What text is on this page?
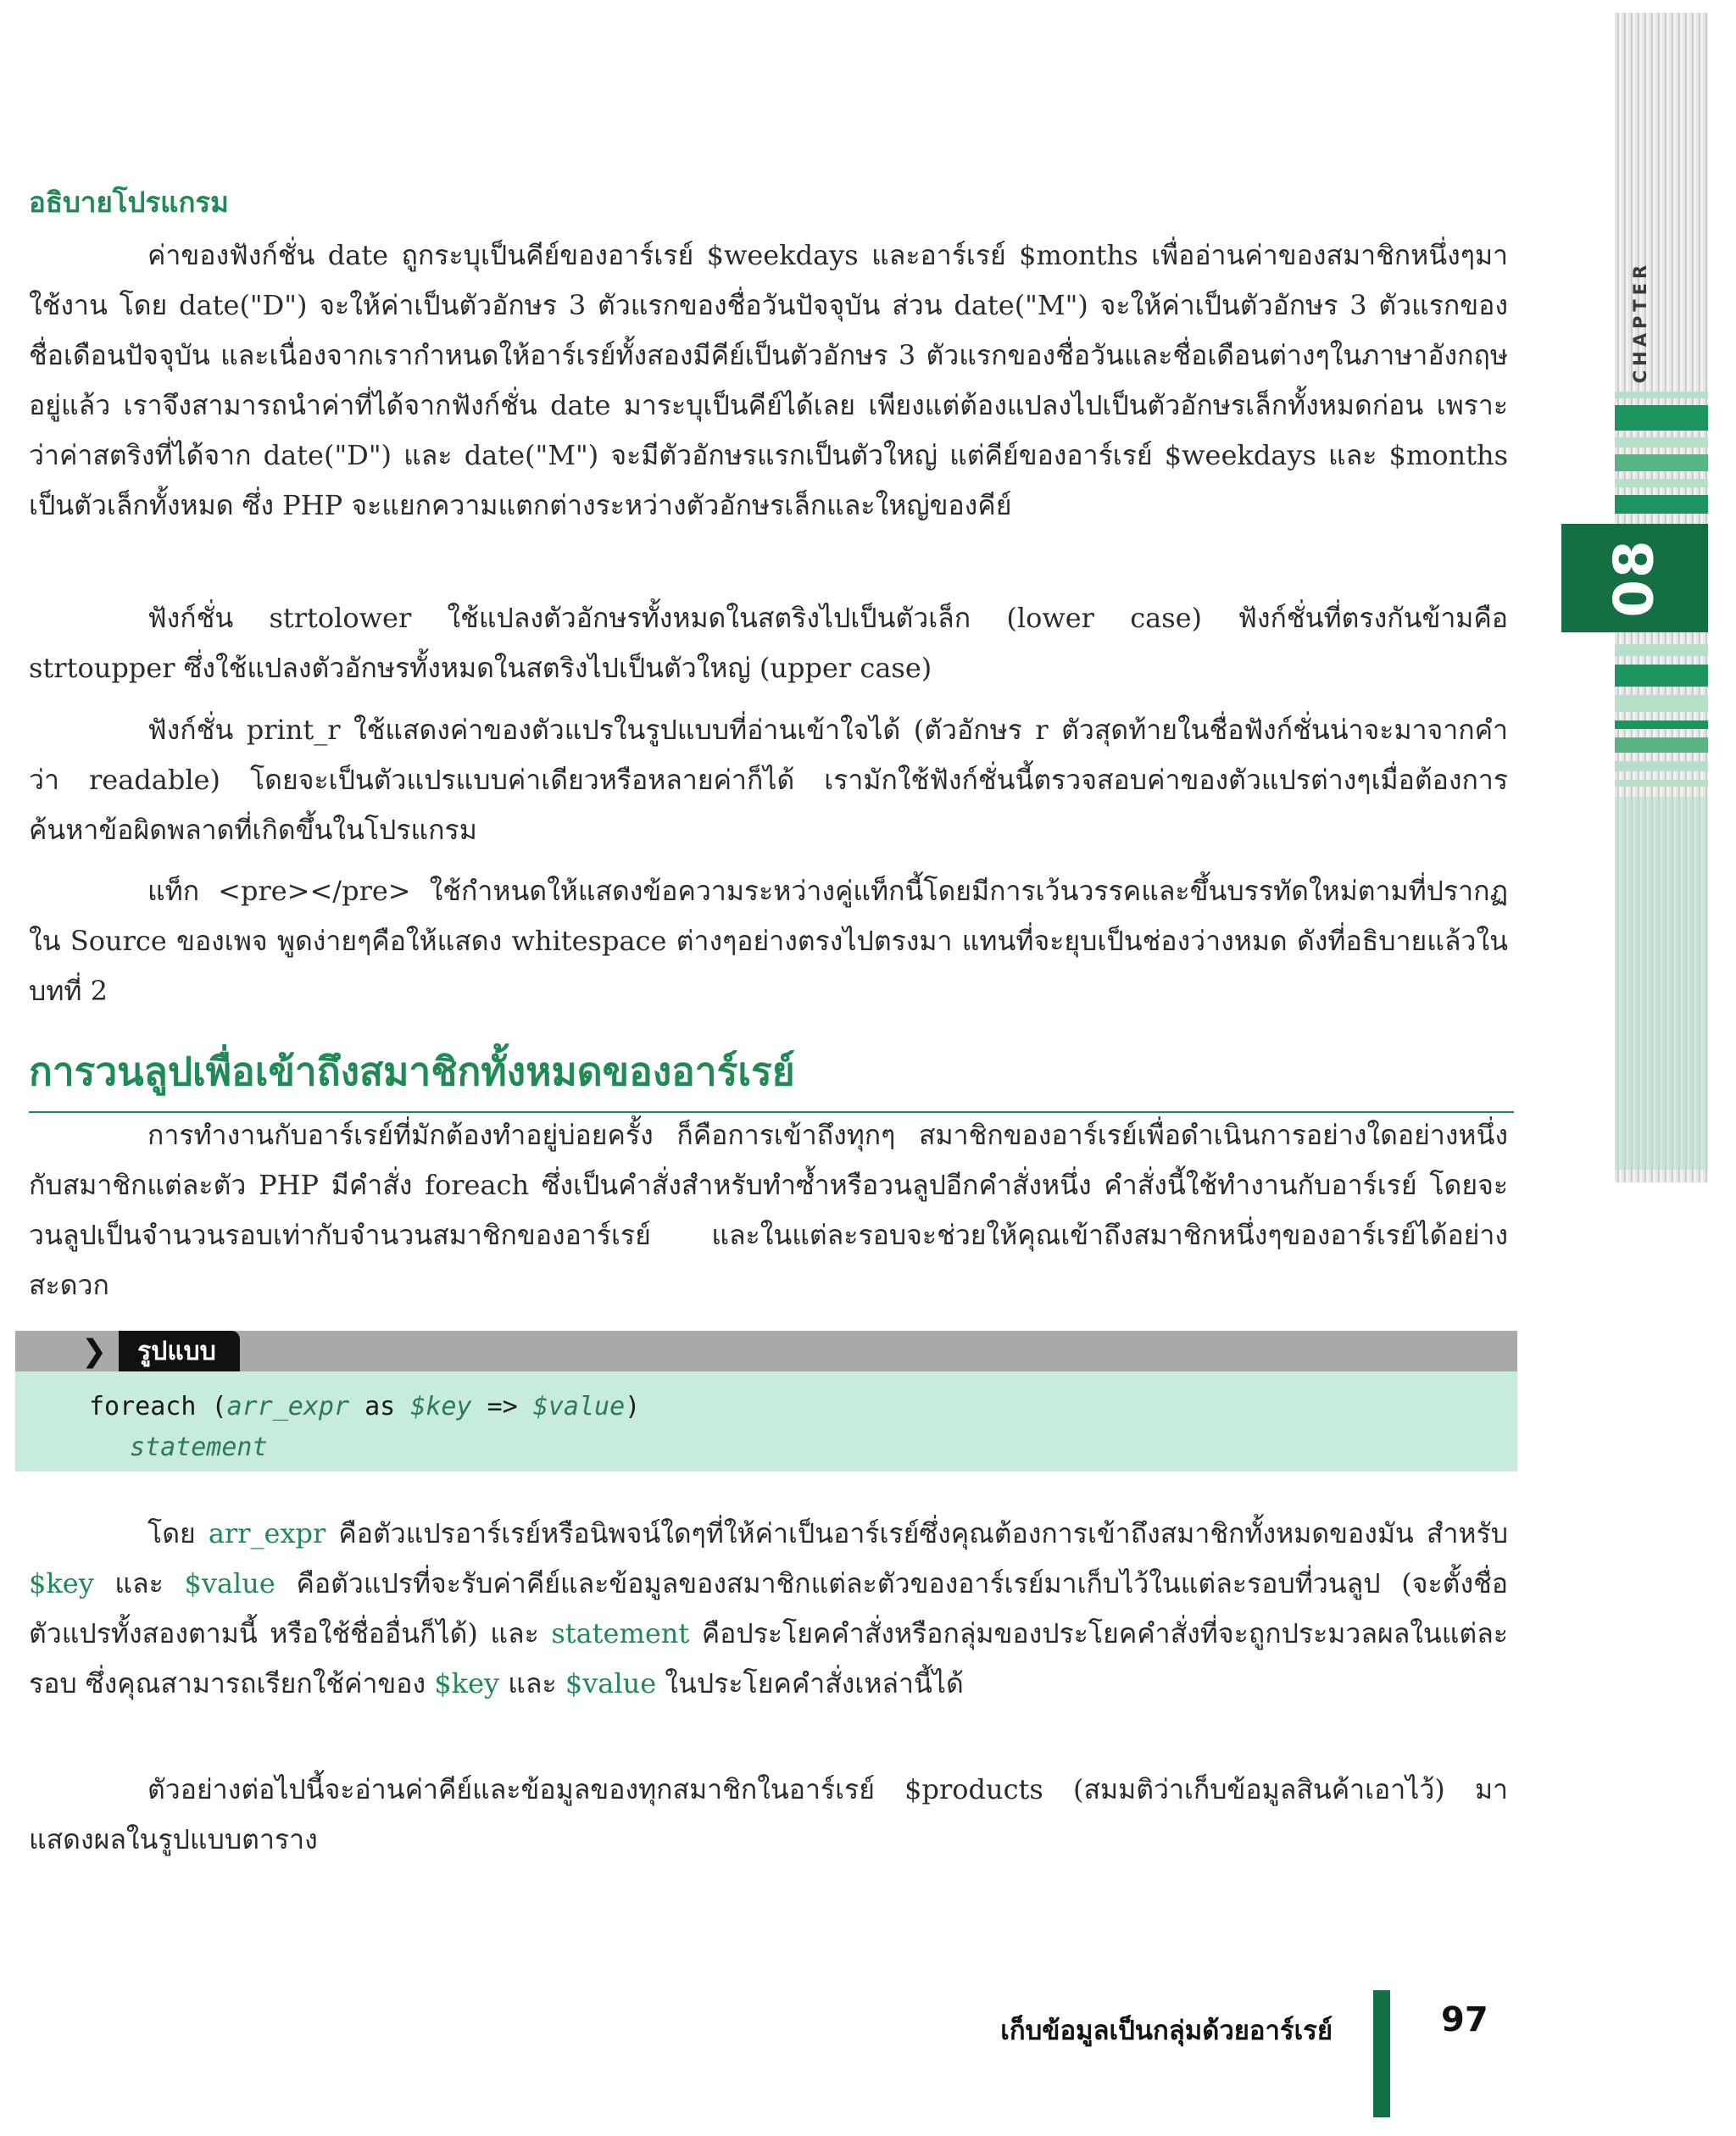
CHAPTER
08
อธิบายโปรแกรม

ค่าของฟังก์ชั่น date ถูกระบุเป็นคีย์ของอาร์เรย์ $weekdays และอาร์เรย์ $months เพื่ออ่านค่าของสมาชิกหนึ่งๆมาใช้งาน โดย date("D") จะให้ค่าเป็นตัวอักษร 3 ตัวแรกของชื่อวันปัจจุบัน ส่วน date("M") จะให้ค่าเป็นตัวอักษร 3 ตัวแรกของชื่อเดือนปัจจุบัน และเนื่องจากเรากำหนดให้อาร์เรย์ทั้งสองมีคีย์เป็นตัวอักษร 3 ตัวแรกของชื่อวันและชื่อเดือนต่างๆในภาษาอังกฤษอยู่แล้ว เราจึงสามารถนำค่าที่ได้จากฟังก์ชั่น date มาระบุเป็นคีย์ได้เลย เพียงแต่ต้องแปลงไปเป็นตัวอักษรเล็กทั้งหมดก่อน เพราะว่าค่าสตริงที่ได้จาก date("D") และ date("M") จะมีตัวอักษรแรกเป็นตัวใหญ่ แต่คีย์ของอาร์เรย์ $weekdays และ $months เป็นตัวเล็กทั้งหมด ซึ่ง PHP จะแยกความแตกต่างระหว่างตัวอักษรเล็กและใหญ่ของคีย์

ฟังก์ชั่น strtolower ใช้แปลงตัวอักษรทั้งหมดในสตริงไปเป็นตัวเล็ก (lower case) ฟังก์ชั่นที่ตรงกันข้ามคือ strtoupper ซึ่งใช้แปลงตัวอักษรทั้งหมดในสตริงไปเป็นตัวใหญ่ (upper case)

ฟังก์ชั่น print_r ใช้แสดงค่าของตัวแปรในรูปแบบที่อ่านเข้าใจได้ (ตัวอักษร r ตัวสุดท้ายในชื่อฟังก์ชั่นน่าจะมาจากคำว่า readable) โดยจะเป็นตัวแปรแบบค่าเดียวหรือหลายค่าก็ได้ เรามักใช้ฟังก์ชั่นนี้ตรวจสอบค่าของตัวแปรต่างๆเมื่อต้องการค้นหาข้อผิดพลาดที่เกิดขึ้นในโปรแกรม

แท็ก <pre></pre> ใช้กำหนดให้แสดงข้อความระหว่างคู่แท็กนี้โดยมีการเว้นวรรคและขึ้นบรรทัดใหม่ตามที่ปรากฏใน Source ของเพจ พูดง่ายๆคือให้แสดง whitespace ต่างๆอย่างตรงไปตรงมา แทนที่จะยุบเป็นช่องว่างหมด ดังที่อธิบายแล้วในบทที่ 2

การวนลูปเพื่อเข้าถึงสมาชิกทั้งหมดของอาร์เรย์

การทำงานกับอาร์เรย์ที่มักต้องทำอยู่บ่อยครั้ง ก็คือการเข้าถึงทุกๆ สมาชิกของอาร์เรย์เพื่อดำเนินการอย่างใดอย่างหนึ่งกับสมาชิกแต่ละตัว PHP มีคำสั่ง foreach ซึ่งเป็นคำสั่งสำหรับทำซ้ำหรือวนลูปอีกคำสั่งหนึ่ง คำสั่งนี้ใช้ทำงานกับอาร์เรย์ โดยจะวนลูปเป็นจำนวนรอบเท่ากับจำนวนสมาชิกของอาร์เรย์ และในแต่ละรอบจะช่วยให้คุณเข้าถึงสมาชิกหนึ่งๆของอาร์เรย์ได้อย่างสะดวก

❯	รูปแบบ
foreach (arr_expr as $key => $value)
statement

โดย arr_expr คือตัวแปรอาร์เรย์หรือนิพจน์ใดๆที่ให้ค่าเป็นอาร์เรย์ซึ่งคุณต้องการเข้าถึงสมาชิกทั้งหมดของมัน สำหรับ $key และ $value คือตัวแปรที่จะรับค่าคีย์และข้อมูลของสมาชิกแต่ละตัวของอาร์เรย์มาเก็บไว้ในแต่ละรอบที่วนลูป (จะตั้งชื่อตัวแปรทั้งสองตามนี้ หรือใช้ชื่ออื่นก็ได้) และ statement คือประโยคคำสั่งหรือกลุ่มของประโยคคำสั่งที่จะถูกประมวลผลในแต่ละรอบ ซึ่งคุณสามารถเรียกใช้ค่าของ $key และ $value ในประโยคคำสั่งเหล่านี้ได้

ตัวอย่างต่อไปนี้จะอ่านค่าคีย์และข้อมูลของทุกสมาชิกในอาร์เรย์ $products (สมมติว่าเก็บข้อมูลสินค้าเอาไว้) มาแสดงผลในรูปแบบตาราง

เก็บข้อมูลเป็นกลุ่มด้วยอาร์เรย์	97
